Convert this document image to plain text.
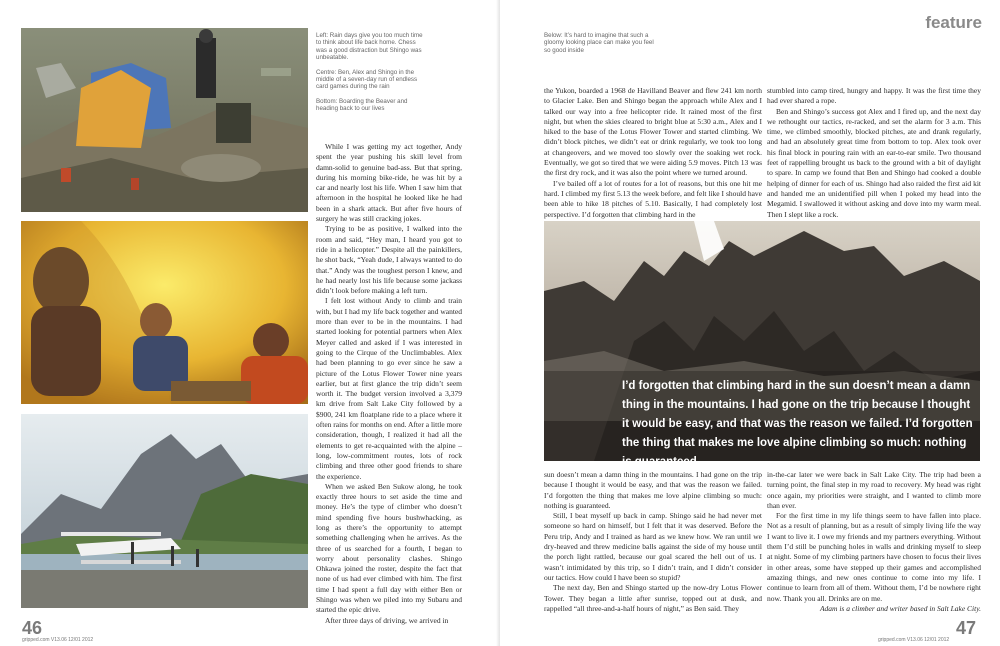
Left: Rain days give you too much time to think about life back home. Chess was a good distraction but Shingo was unbeatable.

Centre: Ben, Alex and Shingo in the middle of a seven-day run of endless card games during the rain

Bottom: Boarding the Beaver and heading back to our lives

While I was getting my act together, Andy spent the year pushing his skill level from damn-solid to genuine bad-ass. But that spring, during his morning bike-ride, he was hit by a car and nearly lost his life. When I saw him that afternoon in the hospital he looked like he had been in a shark attack. But after five hours of surgery he was still cracking jokes.

Trying to be as positive, I walked into the room and said, “Hey man, I heard you got to ride in a helicopter.” Despite all the painkillers, he shot back, “Yeah dude, I always wanted to do that.” Andy was the toughest person I knew, and he had nearly lost his life because some jackass didn’t look before making a left turn.

I felt lost without Andy to climb and train with, but I had my life back together and wanted more than ever to be in the mountains. I had started looking for potential partners when Alex Meyer called and asked if I was interested in going to the Cirque of the Unclimbables. Alex had been planning to go ever since he saw a picture of the Lotus Flower Tower nine years earlier, but at first glance the trip didn’t seem worth it. The budget version involved a 3,379 km drive from Salt Lake City followed by a $900, 241 km floatplane ride to a place where it often rains for months on end. After a little more consideration, though, I realized it had all the elements to get re-acquainted with the alpine – long, low-commitment routes, lots of rock climbing and three other good friends to share the experience.

When we asked Ben Sukow along, he took exactly three hours to set aside the time and money. He’s the type of climber who doesn’t mind spending five hours bushwhacking, as long as there’s the opportunity to attempt something challenging when he arrives. As the three of us searched for a fourth, I began to worry about personality clashes. Shingo Ohkawa joined the roster, despite the fact that none of us had ever climbed with him. The first time I had spent a full day with either Ben or Shingo was when we piled into my Subaru and started the epic drive.

After three days of driving, we arrived in

46
gripped.com V13.06 12/01 2012
feature
Below: It’s hard to imagine that such a gloomy looking place can make you feel so good inside

the Yukon, boarded a 1968 de Havilland Beaver and flew 241 km north to Glacier Lake. Ben and Shingo began the approach while Alex and I talked our way into a free helicopter ride. It rained most of the first night, but when the skies cleared to bright blue at 5:30 a.m., Alex and I hiked to the base of the Lotus Flower Tower and started climbing. We didn’t block pitches, we didn’t eat or drink regularly, we took too long at changeovers, and we moved too slowly over the soaking wet rock. Eventually, we got so tired that we were aiding 5.9 moves. Pitch 13 was the first dry rock, and it was also the point where we turned around.

I’ve bailed off a lot of routes for a lot of reasons, but this one hit me hard. I climbed my first 5.13 the week before, and felt like I should have been able to hike 18 pitches of 5.10. Basically, I had completely lost perspective. I’d forgotten that climbing hard in the

stumbled into camp tired, hungry and happy. It was the first time they had ever shared a rope.

Ben and Shingo’s success got Alex and I fired up, and the next day we rethought our tactics, re-racked, and set the alarm for 3 a.m. This time, we climbed smoothly, blocked pitches, ate and drank regularly, and had an absolutely great time from bottom to top. Alex took over his final block in pouring rain with an ear-to-ear smile. Two thousand feet of rappelling brought us back to the ground with a bit of daylight to spare. In camp we found that Ben and Shingo had cooked a double helping of dinner for each of us. Shingo had also raided the first aid kit and handed me an unidentified pill when I poked my head into the Megamid. I swallowed it without asking and dove into my warm meal. Then I slept like a rock.

I’d forgotten that climbing hard in the sun doesn’t mean a damn thing in the mountains. I had gone on the trip because I thought it would be easy, and that was the reason we failed. I’d forgotten the thing that makes me love alpine climbing so much: nothing is guaranteed.

sun doesn’t mean a damn thing in the mountains. I had gone on the trip because I thought it would be easy, and that was the reason we failed. I’d forgotten the thing that makes me love alpine climbing so much: nothing is guaranteed.

Still, I beat myself up back in camp. Shingo said he had never met someone so hard on himself, but I felt that it was deserved. Before the Peru trip, Andy and I trained as hard as we knew how. We ran until we dry-heaved and threw medicine balls against the side of my house until the porch light rattled, because our goal scared the hell out of us. I wasn’t intimidated by this trip, so I didn’t train, and I didn’t consider our tactics. How could I have been so stupid?

The next day, Ben and Shingo started up the now-dry Lotus Flower Tower. They began a little after sunrise, topped out at dusk, and rappelled “all three-and-a-half hours of night,” as Ben said. They

in-the-car later we were back in Salt Lake City. The trip had been a turning point, the final step in my road to recovery. My head was right once again, my priorities were straight, and I wanted to climb more than ever.

For the first time in my life things seem to have fallen into place. Not as a result of planning, but as a result of simply living life the way I want to live it. I owe my friends and my partners everything. Without them I’d still be punching holes in walls and drinking myself to sleep at night. Some of my climbing partners have chosen to focus their lives in other areas, some have stepped up their games and accomplished amazing things, and new ones continue to come into my life. I continue to learn from all of them. Without them, I’d be nowhere right now. Thank you all. Drinks are on me.

Adam is a climber and writer based in Salt Lake City.

gripped.com V13.06 12/01 2012
47
